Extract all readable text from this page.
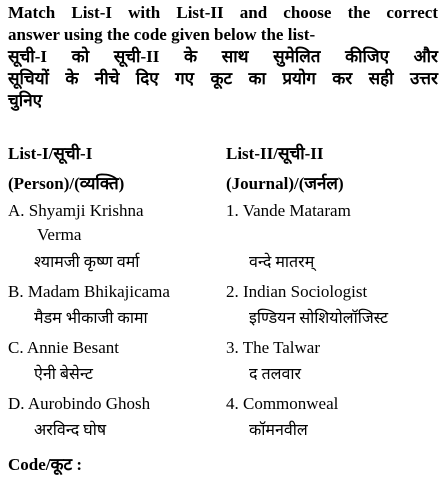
Match List-I with List-II and choose the correct
answer using the code given below the list-
सूची-I को सूची-II के साथ सुमेलित कीजिए और
सूचियों के नीचे दिए गए कूट का प्रयोग कर सही उत्तर
चुनिए
List-I/सूची-I
(Person)/(व्यक्ति)
A. Shyamji Krishna
Verma
श्यामजी कृष्ण वर्मा
B. Madam Bhikajicama
मैडम भीकाजी कामा
C. Annie Besant
ऐनी बेसेन्ट
D. Aurobindo Ghosh
अरविन्द घोष
List-II/सूची-II
(Journal)/(जर्नल)
1. Vande Mataram
वन्दे मातरम्
2. Indian Sociologist
इण्डियन सोशियोलॉजिस्ट
3. The Talwar
द तलवार
4. Commonweal
कॉमनवील
Code/कूट :
